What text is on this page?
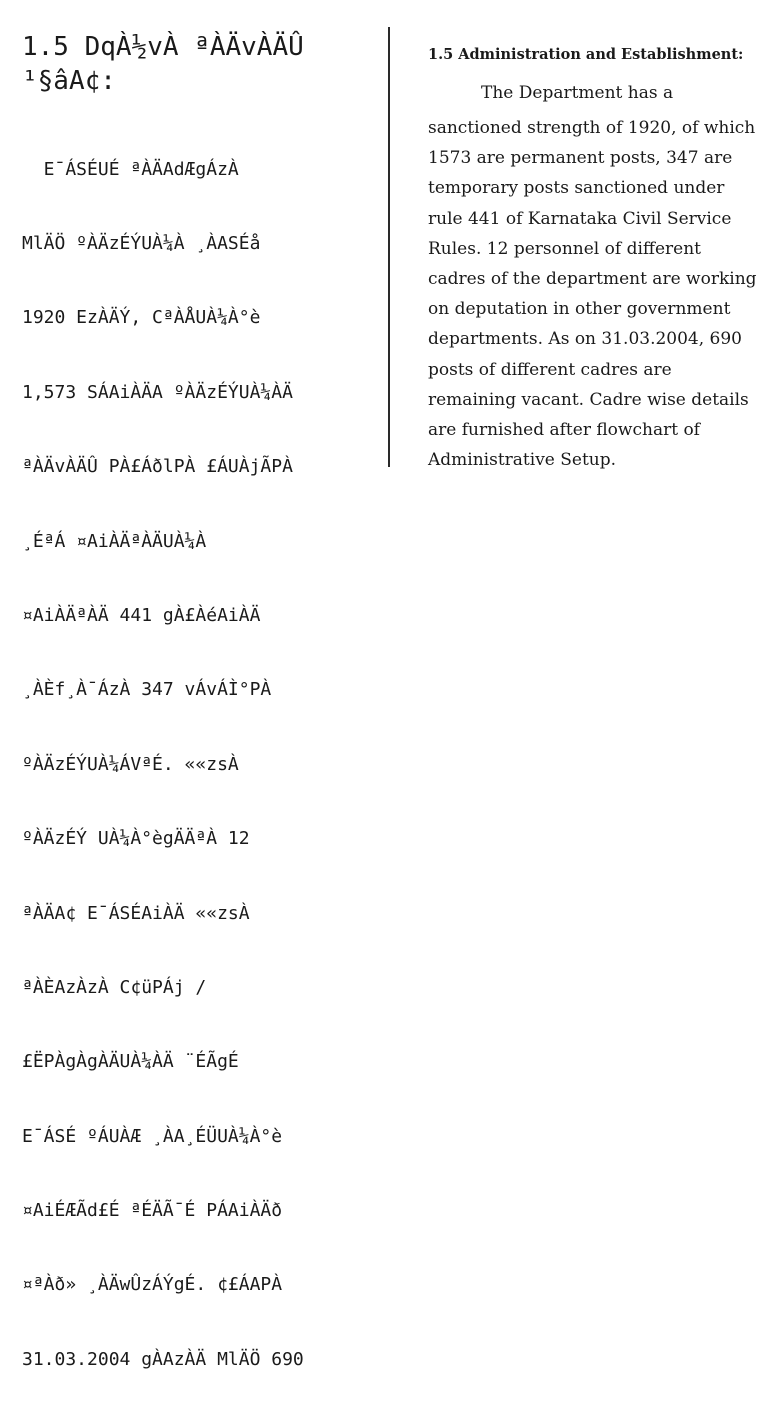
1.5 DqÀ½vÀ ªÀÄvÀÄÛ
¹§âA¢:

E¯ÁSÉUÉ ªÀÄAdÆgÁzÀ

MlÄÖ ºÀÄzÉÝUÀ¼À ¸ÀASÉå

1920 EzÀÄÝ, CªÀÅUÀ¼À°è

1,573 SÁAiÀÄA ºÀÄzÉÝUÀ¼ÀÄ

ªÀÄvÀÄÛ PÀ£ÁðlPÀ £ÁUÀjÃPÀ

¸ÉªÁ ¤AiÀÄªÀÄUÀ¼À

¤AiÀÄªÀÄ 441 gÀ£ÀéAiÀÄ

¸ÀÈf¸À¯ÁzÀ 347 vÁvÁÌ°PÀ

ºÀÄzÉÝUÀ¼ÁVªÉ. ««zsÀ

ºÀÄzÉÝ UÀ¼À°ègÄÄªÀ 12

ªÀÄA¢ E¯ÁSÉAiÀÄ ««zsÀ

ªÀÈAzÀzÀ C¢üPÁj /

£ËPÀgÀgÀÄUÀ¼ÀÄ ¨ÉÃgÉ

E¯ÁSÉ ºÁUÀÆ ¸ÀA¸ÉÜUÀ¼À°è

¤AiÉÆÃd£É ªÉÄÃ¯É PÁAiÀÄð

¤ªÀð» ¸ÀÄwÛzÁÝgÉ. ¢£ÁAPÀ

31.03.2004 gÀAzÀÄ MlÄÖ 690

1.5 Administration and Establishment:

The Department has a

sanctioned strength of 1920, of which
1573 are permanent posts, 347 are
temporary posts sanctioned under
rule 441 of Karnataka Civil Service
Rules. 12 personnel of different
cadres of the department are working
on deputation in other government
departments. As on 31.03.2004, 690
posts of different cadres are
remaining vacant. Cadre wise details
are furnished after flowchart of
Administrative Setup.
